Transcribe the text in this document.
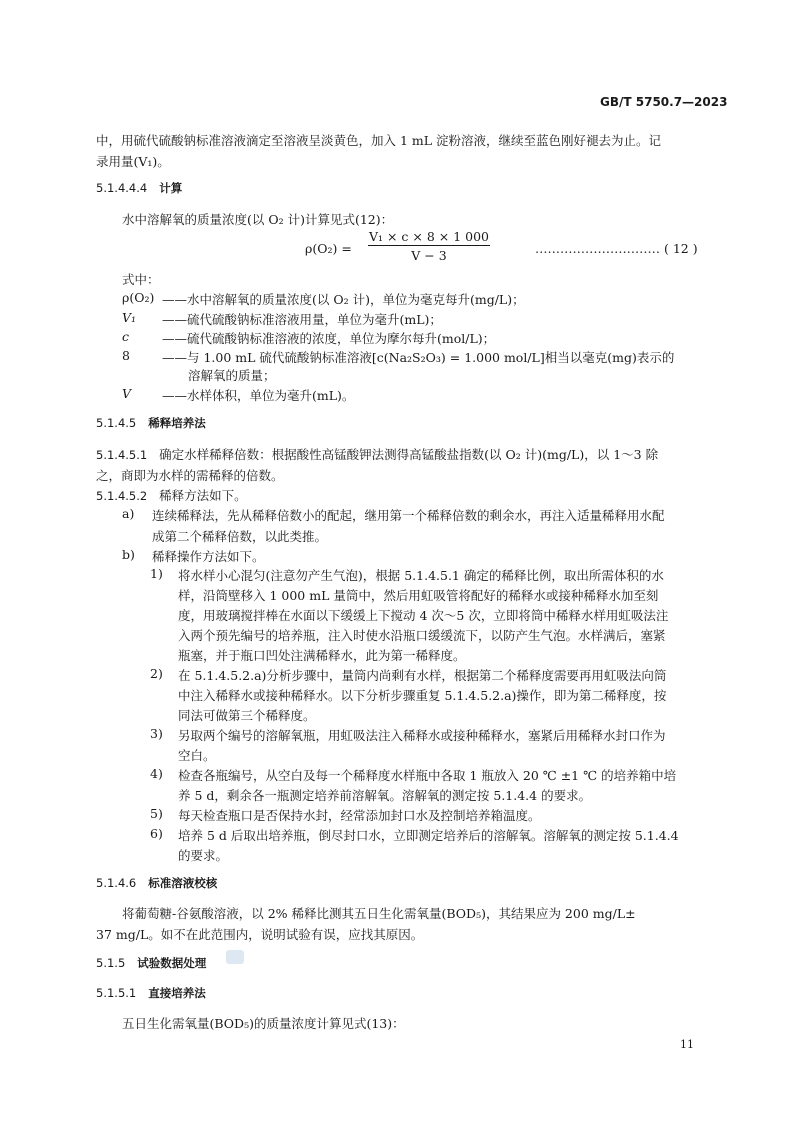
GB/T 5750.7—2023
中，用硫代硫酸钠标准溶液滴定至溶液呈淡黄色，加入 1 mL 淀粉溶液，继续至蓝色刚好褪去为止。记
录用量(V₁)。
5.1.4.4.4 计算
水中溶解氧的质量浓度(以 O₂ 计)计算见式(12)：
ρ(O₂) =
V₁ × c × 8 × 1 000
V − 3	………………………… ( 12 )
式中：
ρ(O₂) ——水中溶解氧的质量浓度(以 O₂ 计)，单位为毫克每升(mg/L)；
V₁ ——硫代硫酸钠标准溶液用量，单位为毫升(mL)；
c	——硫代硫酸钠标准溶液的浓度，单位为摩尔每升(mol/L)；
8	——与 1.00 mL 硫代硫酸钠标准溶液[c(Na₂S₂O₃) = 1.000 mol/L]相当以毫克(mg)表示的
溶解氧的质量；
V ——水样体积，单位为毫升(mL)。
5.1.4.5 稀释培养法
5.1.4.5.1 确定水样稀释倍数：根据酸性高锰酸钾法测得高锰酸盐指数(以 O₂ 计)(mg/L)，以 1～3 除
之，商即为水样的需稀释的倍数。
5.1.4.5.2 稀释方法如下。
a) 连续稀释法，先从稀释倍数小的配起，继用第一个稀释倍数的剩余水，再注入适量稀释用水配
成第二个稀释倍数，以此类推。
b) 稀释操作方法如下。
1) 将水样小心混匀(注意勿产生气泡)，根据 5.1.4.5.1 确定的稀释比例，取出所需体积的水
样，沿筒壁移入 1 000 mL 量筒中，然后用虹吸管将配好的稀释水或接种稀释水加至刻
度，用玻璃搅拌棒在水面以下缓缓上下搅动 4 次～5 次，立即将筒中稀释水样用虹吸法注
入两个预先编号的培养瓶，注入时使水沿瓶口缓缓流下，以防产生气泡。水样满后，塞紧
瓶塞，并于瓶口凹处注满稀释水，此为第一稀释度。
2) 在 5.1.4.5.2.a)分析步骤中，量筒内尚剩有水样，根据第二个稀释度需要再用虹吸法向筒
中注入稀释水或接种稀释水。以下分析步骤重复 5.1.4.5.2.a)操作，即为第二稀释度，按
同法可做第三个稀释度。
3) 另取两个编号的溶解氧瓶，用虹吸法注入稀释水或接种稀释水，塞紧后用稀释水封口作为
空白。
4) 检查各瓶编号，从空白及每一个稀释度水样瓶中各取 1 瓶放入 20 ℃ ±1 ℃ 的培养箱中培
养 5 d，剩余各一瓶测定培养前溶解氧。溶解氧的测定按 5.1.4.4 的要求。
5) 每天检查瓶口是否保持水封，经常添加封口水及控制培养箱温度。
6) 培养 5 d 后取出培养瓶，倒尽封口水，立即测定培养后的溶解氧。溶解氧的测定按 5.1.4.4
的要求。
5.1.4.6 标准溶液校核
将葡萄糖-谷氨酸溶液，以 2% 稀释比测其五日生化需氧量(BOD₅)，其结果应为 200 mg/L±
37 mg/L。如不在此范围内，说明试验有误，应找其原因。
5.1.5 试验数据处理
5.1.5.1 直接培养法
五日生化需氧量(BOD₅)的质量浓度计算见式(13)：
11
